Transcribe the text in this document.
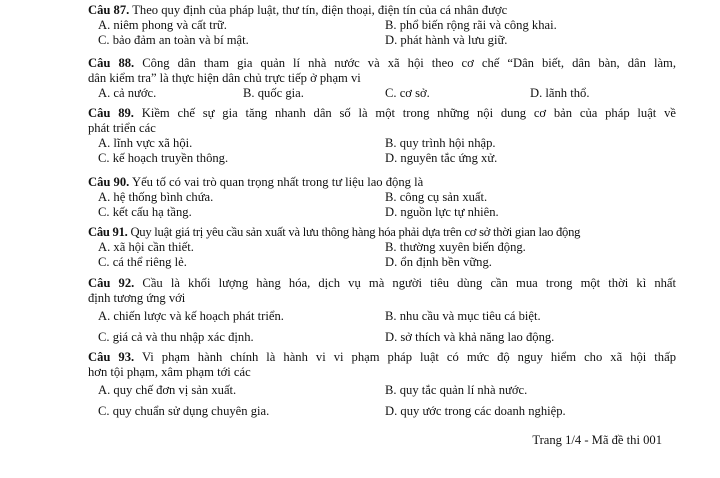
Câu 87. Theo quy định của pháp luật, thư tín, điện thoại, điện tín của cá nhân được
A. niêm phong và cất trữ.	B. phổ biến rộng rãi và công khai.
C. bảo đảm an toàn và bí mật.	D. phát hành và lưu giữ.
Câu 88. Công dân tham gia quản lí nhà nước và xã hội theo cơ chế “Dân biết, dân bàn, dân làm,
dân kiểm tra” là thực hiện dân chủ trực tiếp ở phạm vi
A. cả nước.	B. quốc gia.	C. cơ sở.	D. lãnh thổ.
Câu 89. Kiềm chế sự gia tăng nhanh dân số là một trong những nội dung cơ bản của pháp luật về
phát triển các
A. lĩnh vực xã hội.	B. quy trình hội nhập.
C. kế hoạch truyền thông.	D. nguyên tắc ứng xử.
Câu 90. Yếu tố có vai trò quan trọng nhất trong tư liệu lao động là
A. hệ thống bình chứa.	B. công cụ sản xuất.
C. kết cấu hạ tầng.	D. nguồn lực tự nhiên.
Câu 91. Quy luật giá trị yêu cầu sản xuất và lưu thông hàng hóa phải dựa trên cơ sở thời gian lao động
A. xã hội cần thiết.	B. thường xuyên biến động.
C. cá thể riêng lẻ.	D. ổn định bền vững.
Câu 92. Cầu là khối lượng hàng hóa, dịch vụ mà người tiêu dùng cần mua trong một thời kì nhất
định tương ứng với
A. chiến lược và kế hoạch phát triển.	B. nhu cầu và mục tiêu cá biệt.
C. giá cả và thu nhập xác định.	D. sở thích và khả năng lao động.
Câu 93. Vi phạm hành chính là hành vi vi phạm pháp luật có mức độ nguy hiểm cho xã hội thấp
hơn tội phạm, xâm phạm tới các
A. quy chế đơn vị sản xuất.	B. quy tắc quản lí nhà nước.
C. quy chuẩn sử dụng chuyên gia.	D. quy ước trong các doanh nghiệp.
Trang 1/4 - Mã đề thi 001
